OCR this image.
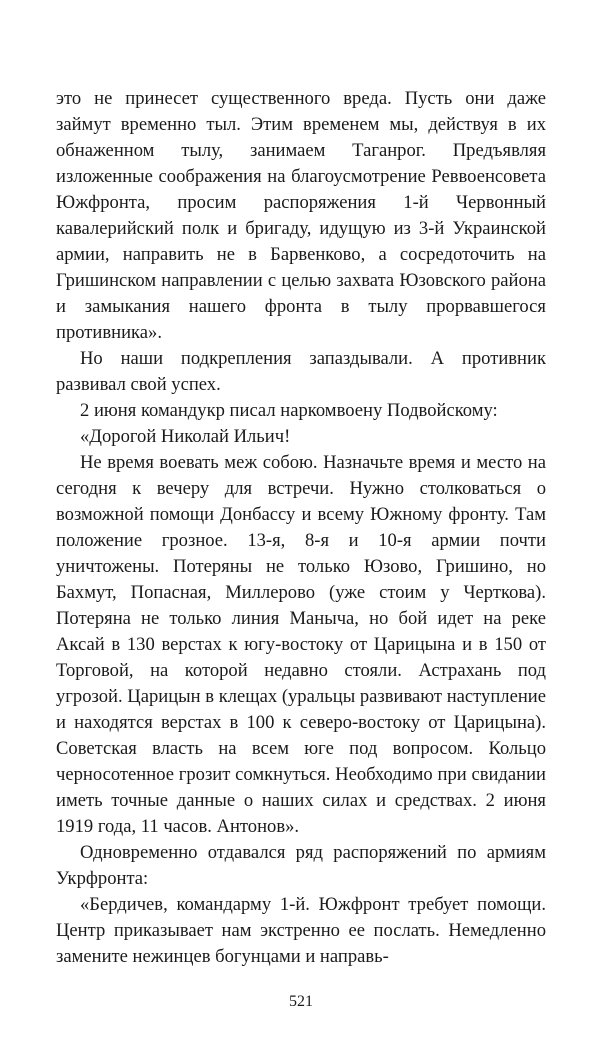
это не принесет существенного вреда. Пусть они даже займут временно тыл. Этим временем мы, действуя в их обнаженном тылу, занимаем Таганрог. Предъявляя изложенные соображения на благоусмотрение Реввоенсовета Южфронта, просим распоряжения 1-й Червонный кавалерийский полк и бригаду, идущую из 3-й Украинской армии, направить не в Барвенково, а сосредоточить на Гришинском направлении с целью захвата Юзовского района и замыкания нашего фронта в тылу прорвавшегося противника».

Но наши подкрепления запаздывали. А противник развивал свой успех.

2 июня командукр писал наркомвоену Подвойскому:

«Дорогой Николай Ильич!

Не время воевать меж собою. Назначьте время и место на сегодня к вечеру для встречи. Нужно столковаться о возможной помощи Донбассу и всему Южному фронту. Там положение грозное. 13-я, 8-я и 10-я армии почти уничтожены. Потеряны не только Юзово, Гришино, но Бахмут, Попасная, Миллерово (уже стоим у Черткова). Потеряна не только линия Маныча, но бой идет на реке Аксай в 130 верстах к югу-востоку от Царицына и в 150 от Торговой, на которой недавно стояли. Астрахань под угрозой. Царицын в клещах (уральцы развивают наступление и находятся верстах в 100 к северо-востоку от Царицына). Советская власть на всем юге под вопросом. Кольцо черносотенное грозит сомкнуться. Необходимо при свидании иметь точные данные о наших силах и средствах. 2 июня 1919 года, 11 часов. Антонов».

Одновременно отдавался ряд распоряжений по армиям Укрфронта:

«Бердичев, командарму 1-й. Южфронт требует помощи. Центр приказывает нам экстренно ее послать. Немедленно замените нежинцев богунцами и направь-

521
